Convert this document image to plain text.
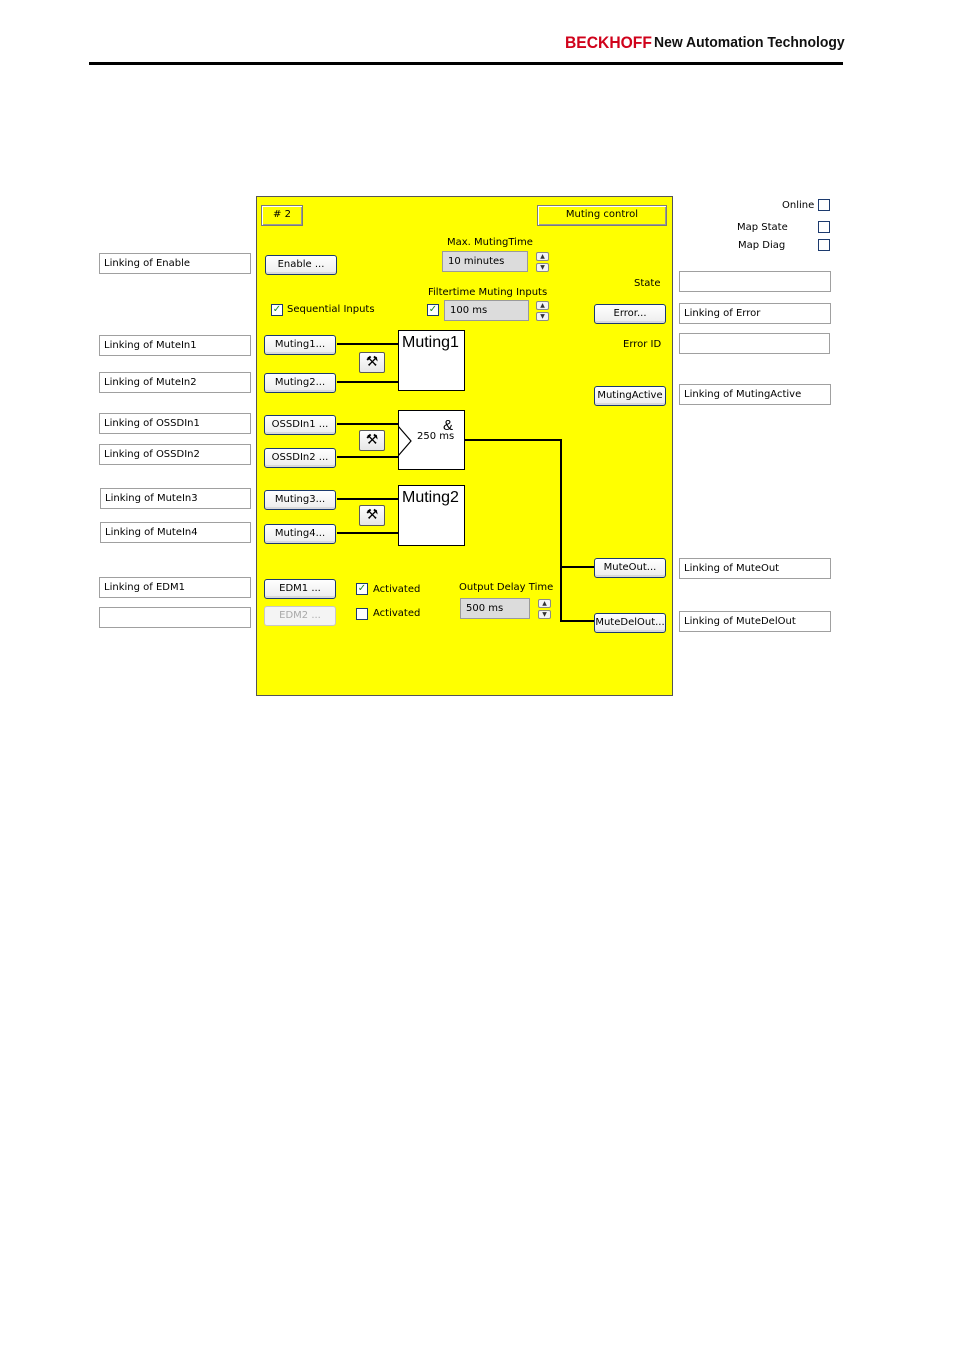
BECKHOFF New Automation Technology
Linking of Enable
Linking of MuteIn1
Linking of MuteIn2
Linking of OSSDIn1
Linking of OSSDIn2
Linking of MuteIn3
Linking of MuteIn4
Linking of EDM1
Online
Map State
Map Diag
Linking of Error
Linking of MutingActive
Linking of MuteOut
Linking of MuteDelOut
# 2	Muting control
Max. MutingTime
10 minutes	▲
▼
Enable ...
State
Filtertime Muting Inputs
✓	100 ms	▲
▼
✓ Sequential Inputs	Error...
Error ID
Muting1...
Muting2...
Muting1
⚒
MutingActive
OSSDIn1 ...
OSSDIn2 ...
&
250 ms
⚒
Muting3...
Muting4...
Muting2
⚒
MuteOut...
MuteDelOut...
EDM1 ...
EDM2 ...
✓ Activated
Activated
Output Delay Time
500 ms	▲
▼
